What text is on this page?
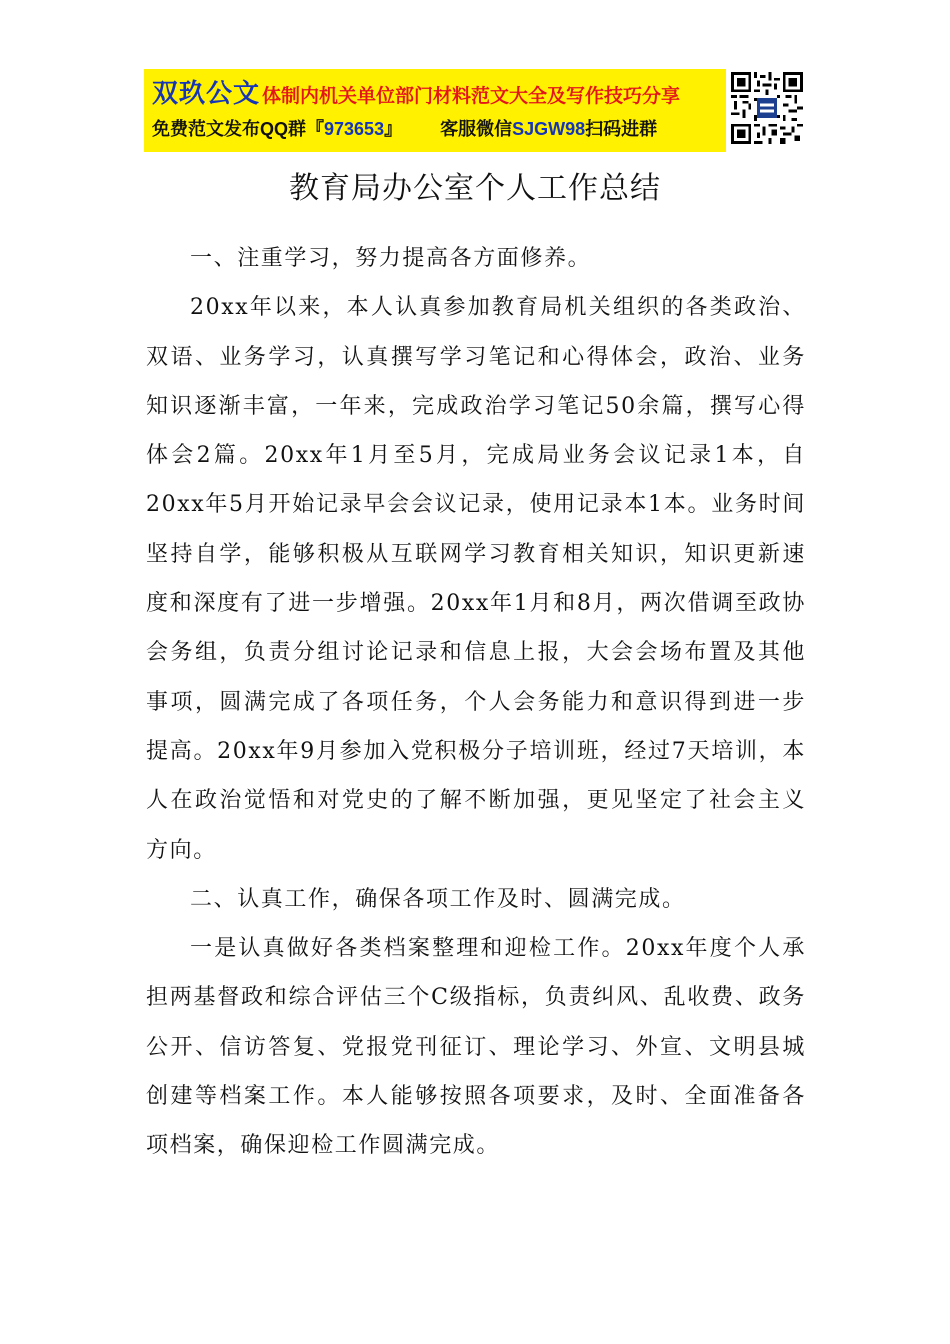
双玖公文 体制内机关单位部门材料范文大全及写作技巧分享
免费范文发布QQ群『973653』 客服微信SJGW98扫码进群
教育局办公室个人工作总结

一、注重学习，努力提高各方面修养。

20xx年以来，本人认真参加教育局机关组织的各类政治、双语、业务学习，认真撰写学习笔记和心得体会，政治、业务知识逐渐丰富，一年来，完成政治学习笔记50余篇，撰写心得体会2篇。20xx年1月至5月，完成局业务会议记录1本，自20xx年5月开始记录早会会议记录，使用记录本1本。业务时间坚持自学，能够积极从互联网学习教育相关知识，知识更新速度和深度有了进一步增强。20xx年1月和8月，两次借调至政协会务组，负责分组讨论记录和信息上报，大会会场布置及其他事项，圆满完成了各项任务，个人会务能力和意识得到进一步提高。20xx年9月参加入党积极分子培训班，经过7天培训，本人在政治觉悟和对党史的了解不断加强，更见坚定了社会主义方向。

二、认真工作，确保各项工作及时、圆满完成。

一是认真做好各类档案整理和迎检工作。20xx年度个人承担两基督政和综合评估三个C级指标，负责纠风、乱收费、政务公开、信访答复、党报党刊征订、理论学习、外宣、文明县城创建等档案工作。本人能够按照各项要求，及时、全面准备各项档案，确保迎检工作圆满完成。
